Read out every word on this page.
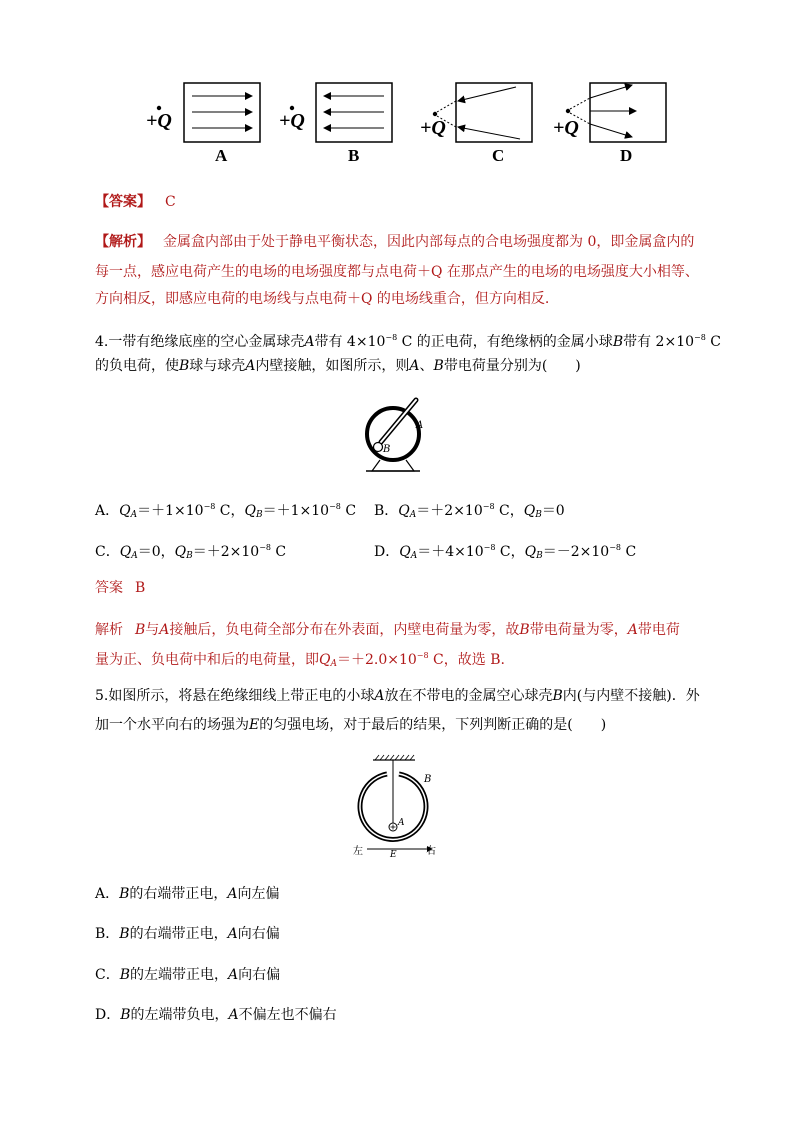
+Q	+Q	+Q	+Q
A	B	C	D
【答案】 C
【解析】 金属盒内部由于处于静电平衡状态，因此内部每点的合电场强度都为 0，即金属盒内的
每一点，感应电荷产生的电场的电场强度都与点电荷＋Q 在那点产生的电场的电场强度大小相等、
方向相反，即感应电荷的电场线与点电荷＋Q 的电场线重合，但方向相反.
4.一带有绝缘底座的空心金属球壳A带有 $4\times 10^{-8}$ C 的正电荷，有绝缘柄的金属小球B带有 $2\times 10^{-8}$ C
的负电荷，使B球与球壳A内壁接触，如图所示，则A、B带电荷量分别为(　　)
A
B
A．$Q_A=+1\times 10^{-8}$ C，$Q_B=+1\times 10^{-8}$ C B．$Q_A=+2\times 10^{-8}$ C，$Q_B=0$
C．$Q_A=0$，$Q_B=+2\times 10^{-8}$ C	D．$Q_A=+4\times 10^{-8}$ C，$Q_B=-2\times 10^{-8}$ C
答案 B
解析 B与A接触后，负电荷全部分布在外表面，内壁电荷量为零，故B带电荷量为零，A带电荷
量为正、负电荷中和后的电荷量，即$Q_A=+2.0\times 10^{-8}$ C，故选 B.
5.如图所示，将悬在绝缘细线上带正电的小球A放在不带电的金属空心球壳B内(与内壁不接触)．外
加一个水平向右的场强为E的匀强电场，对于最后的结果，下列判断正确的是(　　)
B
A
左	E	右
A．B的右端带正电，A向左偏
B．B的右端带正电，A向右偏
C．B的左端带正电，A向右偏
D．B的左端带负电，A不偏左也不偏右
